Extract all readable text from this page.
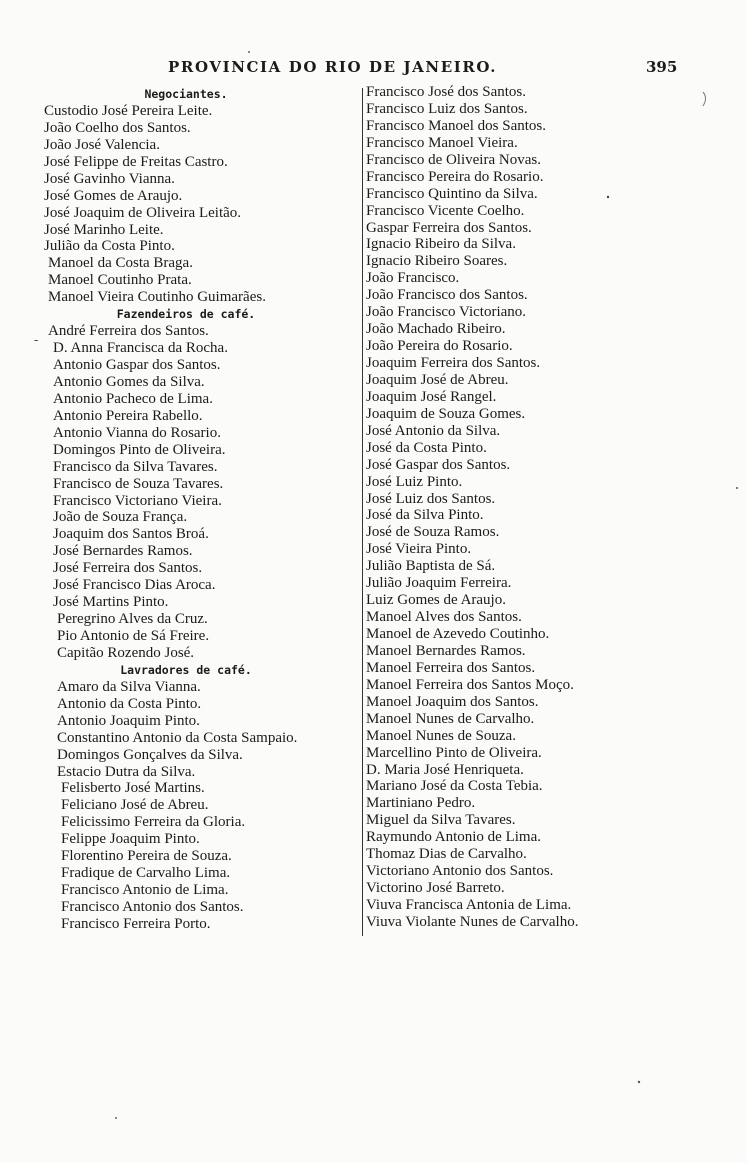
PROVINCIA DO RIO DE JANEIRO.	395
-
Negociantes.
Custodio José Pereira Leite.
João Coelho dos Santos.
João José Valencia.
José Felippe de Freitas Castro.
José Gavinho Vianna.
José Gomes de Araujo.
José Joaquim de Oliveira Leitão.
José Marinho Leite.
Julião da Costa Pinto.
Manoel da Costa Braga.
Manoel Coutinho Prata.
Manoel Vieira Coutinho Guimarães.
Fazendeiros de café.
André Ferreira dos Santos.
D. Anna Francisca da Rocha.
Antonio Gaspar dos Santos.
Antonio Gomes da Silva.
Antonio Pacheco de Lima.
Antonio Pereira Rabello.
Antonio Vianna do Rosario.
Domingos Pinto de Oliveira.
Francisco da Silva Tavares.
Francisco de Souza Tavares.
Francisco Victoriano Vieira.
João de Souza França.
Joaquim dos Santos Broá.
José Bernardes Ramos.
José Ferreira dos Santos.
José Francisco Dias Aroca.
José Martins Pinto.
Peregrino Alves da Cruz.
Pio Antonio de Sá Freire.
Capitão Rozendo José.
Lavradores de café.
Amaro da Silva Vianna.
Antonio da Costa Pinto.
Antonio Joaquim Pinto.
Constantino Antonio da Costa Sampaio.
Domingos Gonçalves da Silva.
Estacio Dutra da Silva.
Felisberto José Martins.
Feliciano José de Abreu.
Felicissimo Ferreira da Gloria.
Felippe Joaquim Pinto.
Florentino Pereira de Souza.
Fradique de Carvalho Lima.
Francisco Antonio de Lima.
Francisco Antonio dos Santos.
Francisco Ferreira Porto.
Francisco José dos Santos.
Francisco Luiz dos Santos.
Francisco Manoel dos Santos.
Francisco Manoel Vieira.
Francisco de Oliveira Novas.
Francisco Pereira do Rosario.
Francisco Quintino da Silva.
Francisco Vicente Coelho.
Gaspar Ferreira dos Santos.
Ignacio Ribeiro da Silva.
Ignacio Ribeiro Soares.
João Francisco.
João Francisco dos Santos.
João Francisco Victoriano.
João Machado Ribeiro.
João Pereira do Rosario.
Joaquim Ferreira dos Santos.
Joaquim José de Abreu.
Joaquim José Rangel.
Joaquim de Souza Gomes.
José Antonio da Silva.
José da Costa Pinto.
José Gaspar dos Santos.
José Luiz Pinto.
José Luiz dos Santos.
José da Silva Pinto.
José de Souza Ramos.
José Vieira Pinto.
Julião Baptista de Sá.
Julião Joaquim Ferreira.
Luiz Gomes de Araujo.
Manoel Alves dos Santos.
Manoel de Azevedo Coutinho.
Manoel Bernardes Ramos.
Manoel Ferreira dos Santos.
Manoel Ferreira dos Santos Moço.
Manoel Joaquim dos Santos.
Manoel Nunes de Carvalho.
Manoel Nunes de Souza.
Marcellino Pinto de Oliveira.
D. Maria José Henriqueta.
Mariano José da Costa Tebia.
Martiniano Pedro.
Miguel da Silva Tavares.
Raymundo Antonio de Lima.
Thomaz Dias de Carvalho.
Victoriano Antonio dos Santos.
Victorino José Barreto.
Viuva Francisca Antonia de Lima.
Viuva Violante Nunes de Carvalho.
